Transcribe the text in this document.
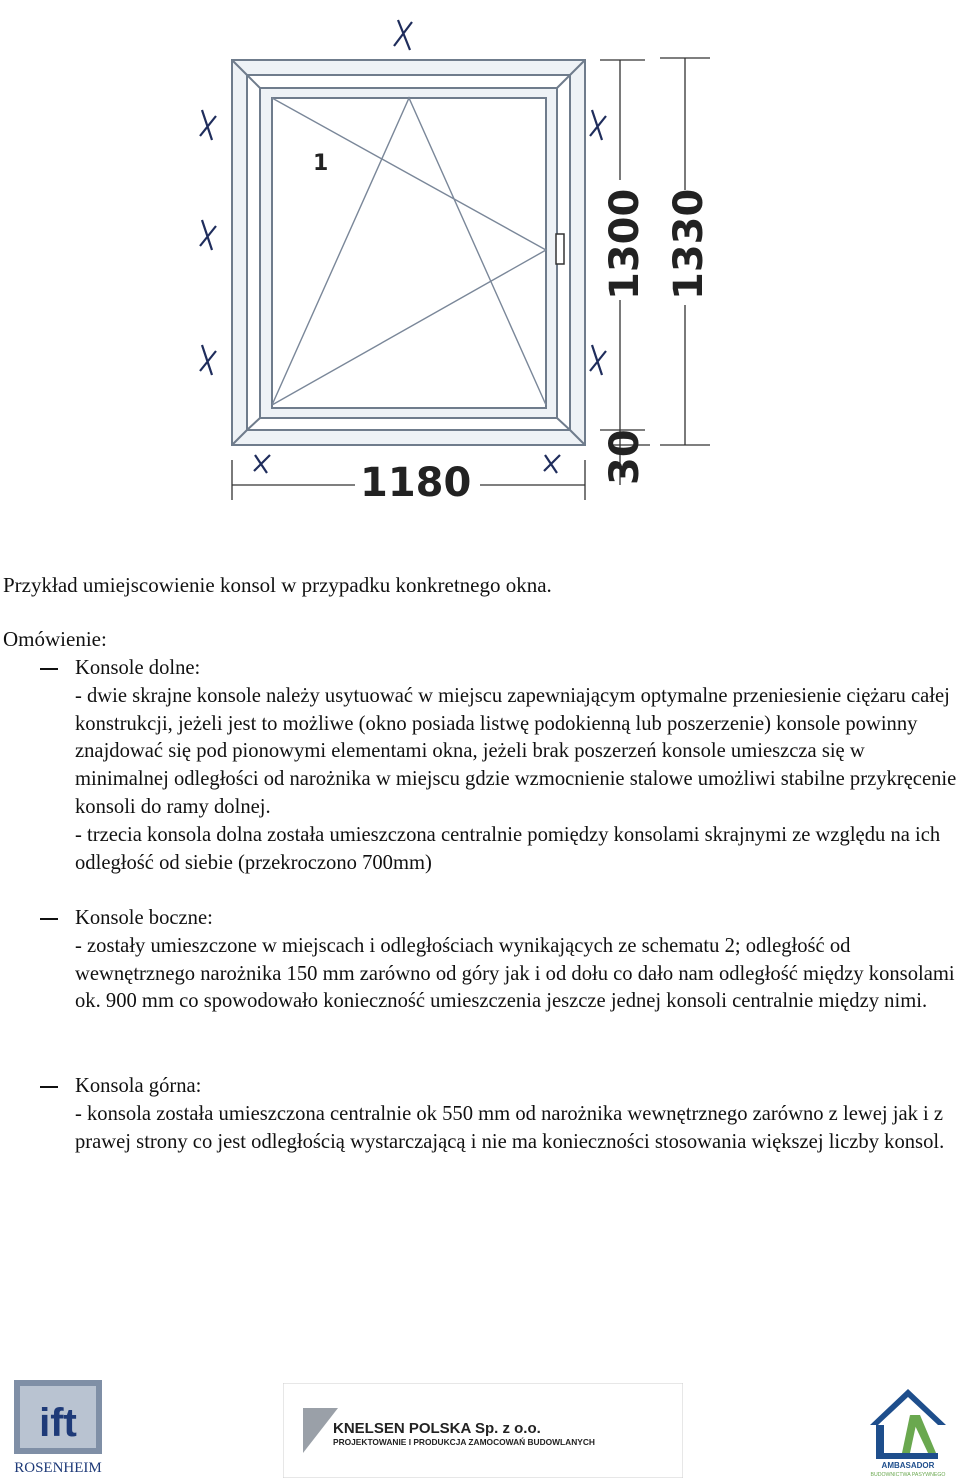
1
1180
1300 1330
30
Przykład umiejscowienie konsol w przypadku konkretnego okna.
Omówienie:

Konsole dolne:

- dwie skrajne konsole należy usytuować w miejscu zapewniającym optymalne przeniesienie ciężaru całej konstrukcji, jeżeli jest to możliwe (okno posiada listwę podokienną lub poszerzenie) konsole powinny znajdować się pod pionowymi elementami okna, jeżeli brak poszerzeń konsole umieszcza się w minimalnej odległości od narożnika w miejscu gdzie wzmocnienie stalowe umożliwi stabilne przykręcenie konsoli do ramy dolnej.

- trzecia konsola dolna została umieszczona centralnie pomiędzy konsolami skrajnymi ze względu na ich odległość od siebie (przekroczono 700mm)

Konsole boczne:

- zostały umieszczone w miejscach i odległościach wynikających ze schematu 2; odległość od wewnętrznego narożnika 150 mm zarówno od góry jak i od dołu co dało nam odległość między konsolami ok. 900 mm co spowodowało konieczność umieszczenia jeszcze jednej konsoli centralnie między nimi.

Konsola górna:

- konsola została umieszczona centralnie ok 550 mm od narożnika wewnętrznego zarówno z lewej jak i z prawej strony co jest odległością wystarczającą i nie ma konieczności stosowania większej liczby konsol.

ift
ROSENHEIM
KNELSEN POLSKA Sp. z o.o.
PROJEKTOWANIE I PRODUKCJA ZAMOCOWAŃ BUDOWLANYCH
AMBASADOR
BUDOWNICTWA PASYWNEGO
